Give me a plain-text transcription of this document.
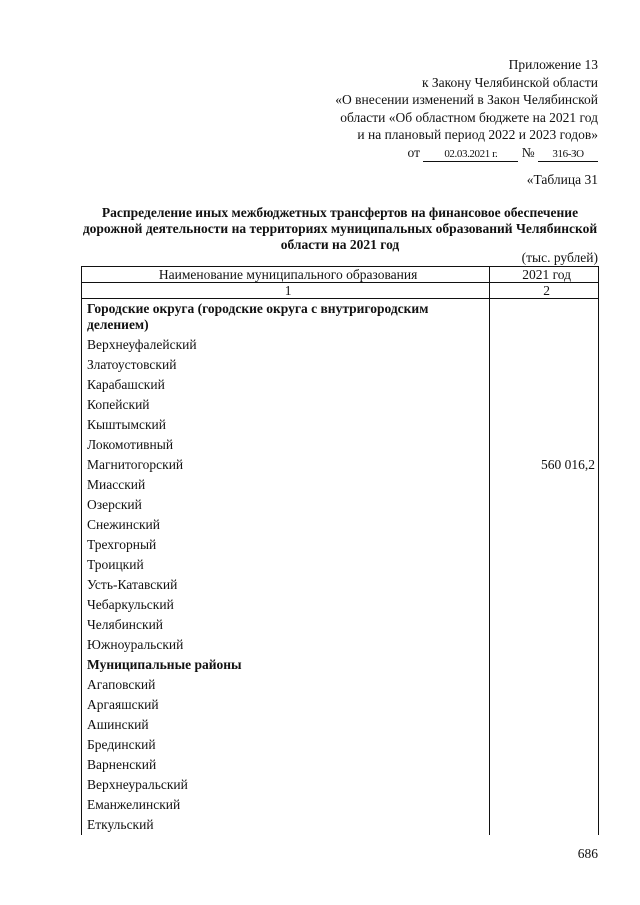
Приложение 13
к Закону Челябинской области
«О внесении изменений в Закон Челябинской
области «Об областном бюджете на 2021 год
и на плановый период 2022 и 2023 годов»
от 02.03.2021 г. № 316-ЗО
«Таблица 31
Распределение иных межбюджетных трансфертов на финансовое обеспечение дорожной деятельности на территориях муниципальных образований Челябинской области на 2021 год
(тыс. рублей)
Наименование муниципального образования	2021 год
1	2
Городские округа (городские округа с внутригородским делением)	
Верхнеуфалейский	
Златоустовский	
Карабашский	
Копейский	
Кыштымский	
Локомотивный	
Магнитогорский	560 016,2
Миасский	
Озерский	
Снежинский	
Трехгорный	
Троицкий	
Усть-Катавский	
Чебаркульский	
Челябинский	
Южноуральский	
Муниципальные районы	
Агаповский	
Аргаяшский	
Ашинский	
Брединский	
Варненский	
Верхнеуральский	
Еманжелинский	
Еткульский	
686
